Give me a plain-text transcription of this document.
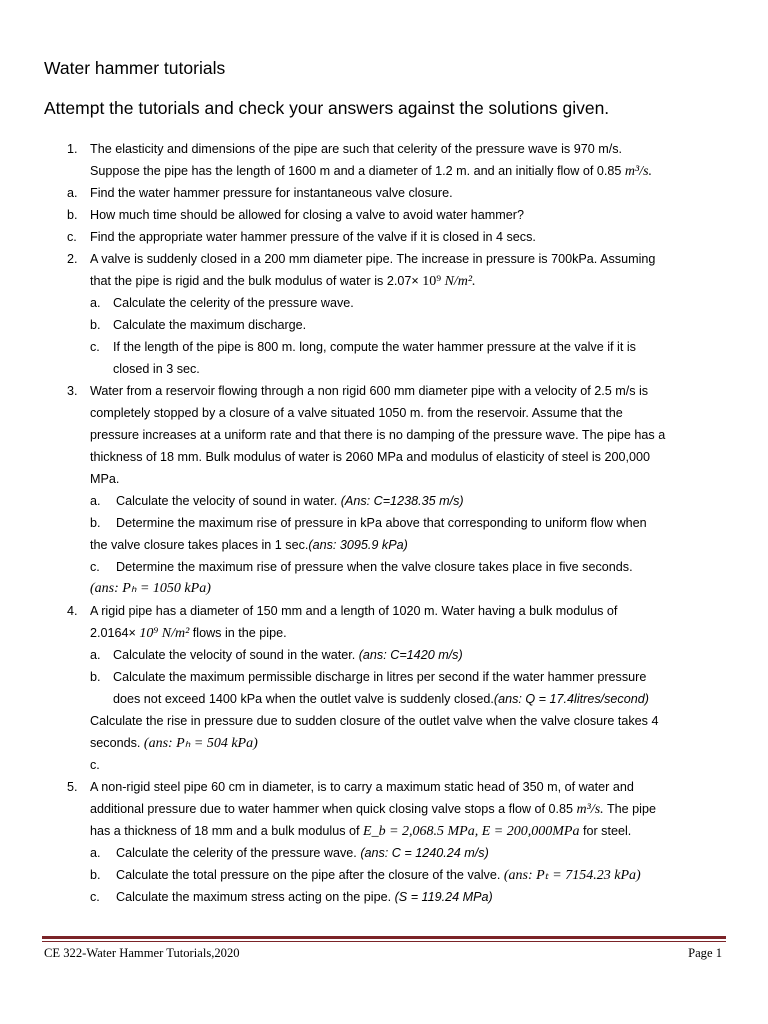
Water hammer tutorials
Attempt the tutorials and check your answers against the solutions given.
1. The elasticity and dimensions of the pipe are such that celerity of the pressure wave is 970 m/s.
Suppose the pipe has the length of 1600 m and a diameter of 1.2 m. and an initially flow of 0.85 m³/s.
a. Find the water hammer pressure for instantaneous valve closure.
b. How much time should be allowed for closing a valve to avoid water hammer?
c. Find the appropriate water hammer pressure of the valve if it is closed in 4 secs.
2. A valve is suddenly closed in a 200 mm diameter pipe. The increase in pressure is 700kPa. Assuming
that the pipe is rigid and the bulk modulus of water is 2.07× 10⁹ N/m².
a. Calculate the celerity of the pressure wave.
b. Calculate the maximum discharge.
c. If the length of the pipe is 800 m. long, compute the water hammer pressure at the valve if it is
closed in 3 sec.
3. Water from a reservoir flowing through a non rigid 600 mm diameter pipe with a velocity of 2.5 m/s is
completely stopped by a closure of a valve situated 1050 m. from the reservoir. Assume that the
pressure increases at a uniform rate and that there is no damping of the pressure wave. The pipe has a
thickness of 18 mm. Bulk modulus of water is 2060 MPa and modulus of elasticity of steel is 200,000
MPa.
a. Calculate the velocity of sound in water. (Ans: C=1238.35 m/s)
b. Determine the maximum rise of pressure in kPa above that corresponding to uniform flow when
the valve closure takes places in 1 sec.(ans: 3095.9 kPa)
c. Determine the maximum rise of pressure when the valve closure takes place in five seconds.
(ans: Pₕ = 1050 kPa)
4. A rigid pipe has a diameter of 150 mm and a length of 1020 m. Water having a bulk modulus of
2.0164× 10⁹ N/m² flows in the pipe.
a. Calculate the velocity of sound in the water. (ans: C=1420 m/s)
b. Calculate the maximum permissible discharge in litres per second if the water hammer pressure
does not exceed 1400 kPa when the outlet valve is suddenly closed.(ans: Q = 17.4litres/second)
Calculate the rise in pressure due to sudden closure of the outlet valve when the valve closure takes 4
seconds. (ans: Pₕ = 504 kPa)
c.
5. A non-rigid steel pipe 60 cm in diameter, is to carry a maximum static head of 350 m, of water and
additional pressure due to water hammer when quick closing valve stops a flow of 0.85 m³/s. The pipe
has a thickness of 18 mm and a bulk modulus of E_b = 2,068.5 MPa, E = 200,000MPa for steel.
a. Calculate the celerity of the pressure wave. (ans: C = 1240.24 m/s)
b. Calculate the total pressure on the pipe after the closure of the valve. (ans: Pₜ = 7154.23 kPa)
c. Calculate the maximum stress acting on the pipe. (S = 119.24 MPa)
CE 322-Water Hammer Tutorials,2020	Page 1
